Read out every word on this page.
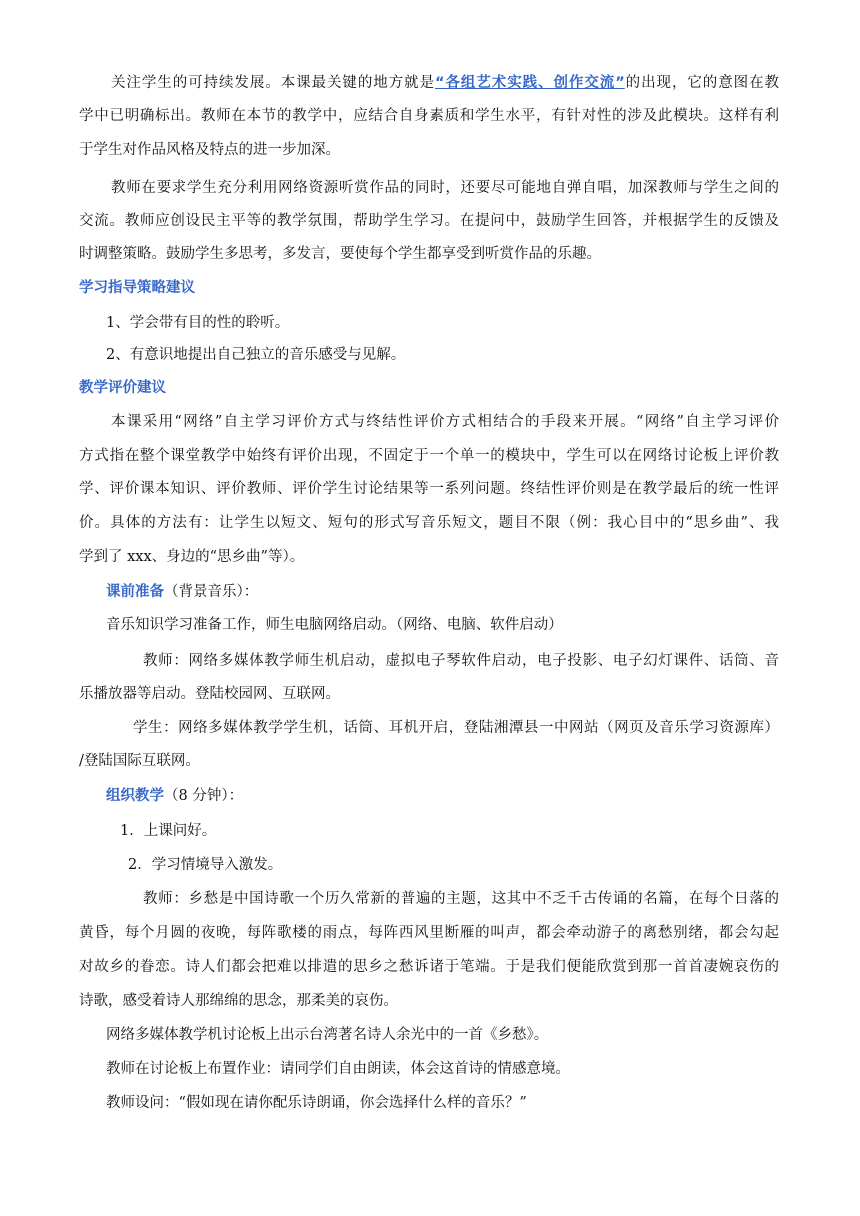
关注学生的可持续发展。本课最关键的地方就是“各组艺术实践、创作交流”的出现，它的意图在教
学中已明确标出。教师在本节的教学中，应结合自身素质和学生水平，有针对性的涉及此模块。这样有利
于学生对作品风格及特点的进一步加深。
教师在要求学生充分利用网络资源听赏作品的同时，还要尽可能地自弹自唱，加深教师与学生之间的
交流。教师应创设民主平等的教学氛围，帮助学生学习。在提问中，鼓励学生回答，并根据学生的反馈及
时调整策略。鼓励学生多思考，多发言，要使每个学生都享受到听赏作品的乐趣。
学习指导策略建议
1、学会带有目的性的聆听。
2、有意识地提出自己独立的音乐感受与见解。
教学评价建议
本课采用“网络”自主学习评价方式与终结性评价方式相结合的手段来开展。“网络”自主学习评价
方式指在整个课堂教学中始终有评价出现，不固定于一个单一的模块中，学生可以在网络讨论板上评价教
学、评价课本知识、评价教师、评价学生讨论结果等一系列问题。终结性评价则是在教学最后的统一性评
价。具体的方法有：让学生以短文、短句的形式写音乐短文，题目不限（例：我心目中的“思乡曲”、我
学到了 xxx、身边的“思乡曲”等）。
课前准备（背景音乐）：
音乐知识学习准备工作，师生电脑网络启动。（网络、电脑、软件启动）
教师：网络多媒体教学师生机启动，虚拟电子琴软件启动，电子投影、电子幻灯课件、话筒、音
乐播放器等启动。登陆校园网、互联网。
学生：网络多媒体教学学生机，话筒、耳机开启，登陆湘潭县一中网站（网页及音乐学习资源库）
/登陆国际互联网。
组织教学（8 分钟）：
1．上课问好。
2．学习情境导入激发。
教师：乡愁是中国诗歌一个历久常新的普遍的主题，这其中不乏千古传诵的名篇，在每个日落的
黄昏，每个月圆的夜晚，每阵歌楼的雨点，每阵西风里断雁的叫声，都会牵动游子的离愁别绪，都会勾起
对故乡的眷恋。诗人们都会把难以排遣的思乡之愁诉诸于笔端。于是我们便能欣赏到那一首首凄婉哀伤的
诗歌，感受着诗人那绵绵的思念，那柔美的哀伤。
网络多媒体教学机讨论板上出示台湾著名诗人余光中的一首《乡愁》。
教师在讨论板上布置作业：请同学们自由朗读，体会这首诗的情感意境。
教师设问：“假如现在请你配乐诗朗诵，你会选择什么样的音乐？”
